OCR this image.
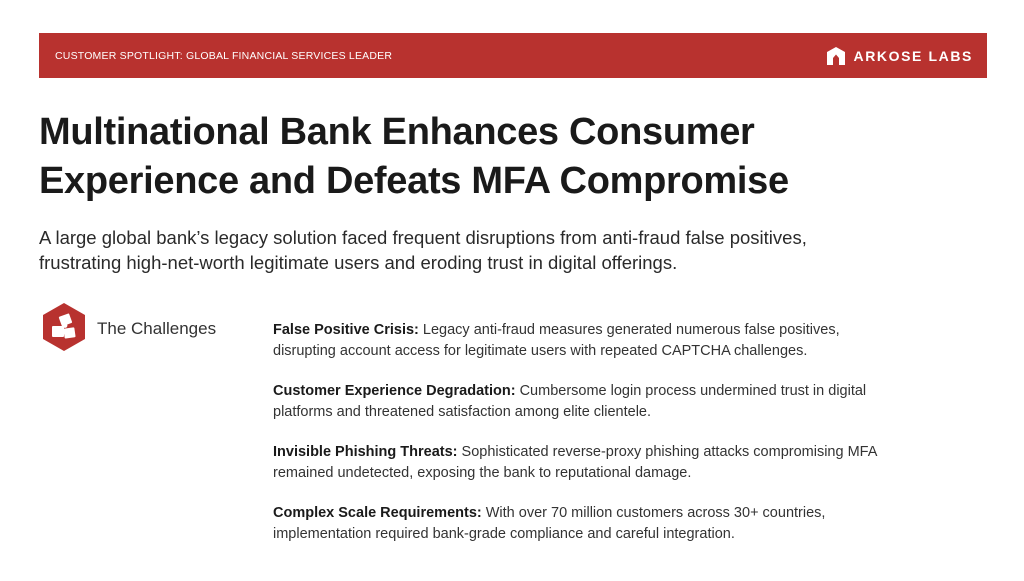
CUSTOMER SPOTLIGHT: GLOBAL FINANCIAL SERVICES LEADER	ARKOSE LABS
Multinational Bank Enhances Consumer
Experience and Defeats MFA Compromise

A large global bank’s legacy solution faced frequent disruptions from anti-fraud false positives,
frustrating high-net-worth legitimate users and eroding trust in digital offerings.

The Challenges	False Positive Crisis: Legacy anti-fraud measures generated numerous false positives,
disrupting account access for legitimate users with repeated CAPTCHA challenges.
Customer Experience Degradation: Cumbersome login process undermined trust in digital
platforms and threatened satisfaction among elite clientele.
Invisible Phishing Threats: Sophisticated reverse-proxy phishing attacks compromising MFA
remained undetected, exposing the bank to reputational damage.
Complex Scale Requirements: With over 70 million customers across 30+ countries,
implementation required bank-grade compliance and careful integration.
